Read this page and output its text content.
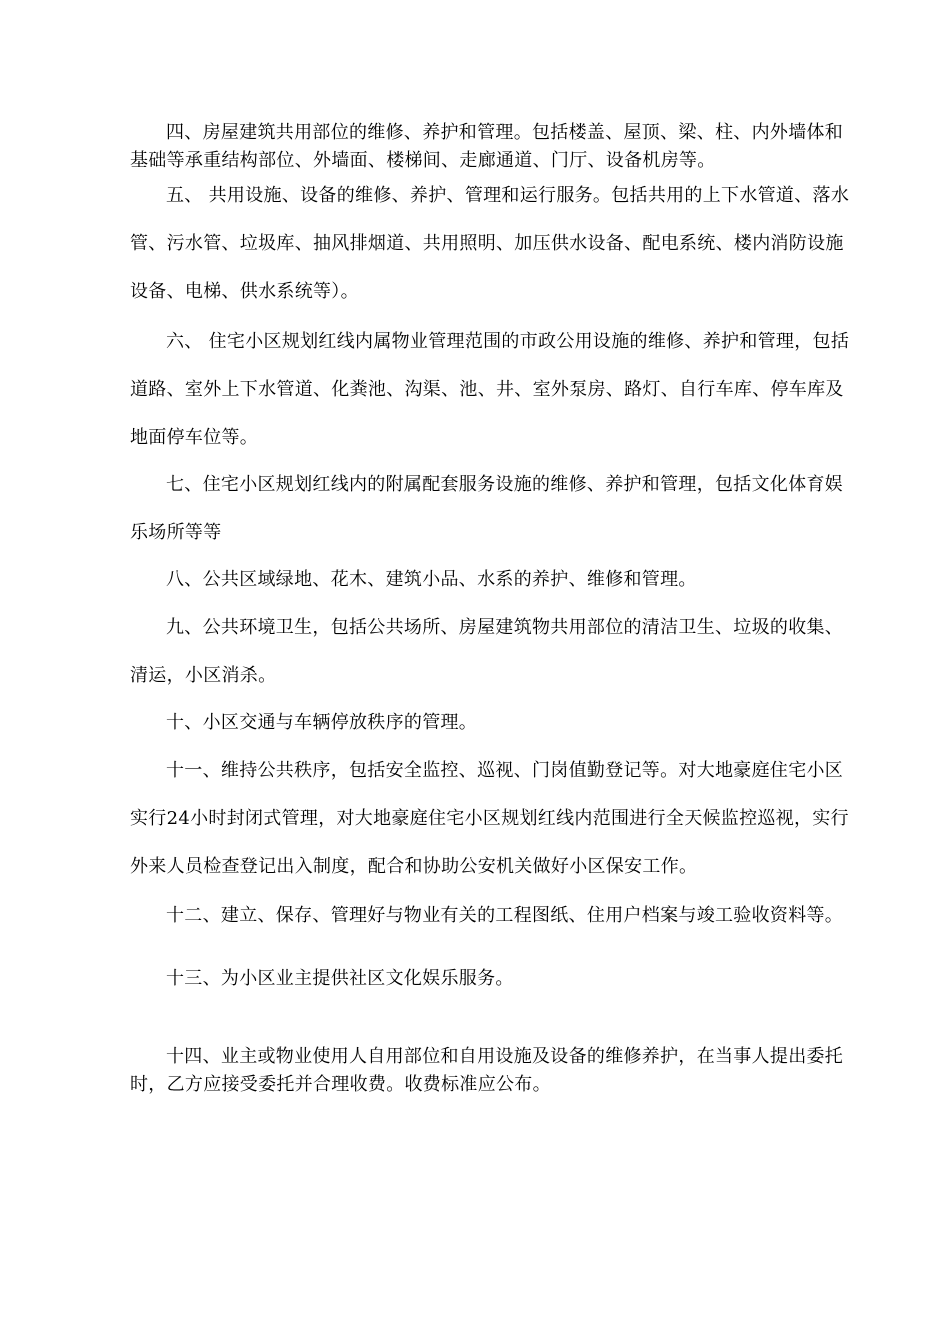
四、房屋建筑共用部位的维修、养护和管理。包括楼盖、屋顶、梁、柱、内外墙体和基础等承重结构部位、外墙面、楼梯间、走廊通道、门厅、设备机房等。

五、 共用设施、设备的维修、养护、管理和运行服务。包括共用的上下水管道、落水管、污水管、垃圾库、抽风排烟道、共用照明、加压供水设备、配电系统、楼内消防设施设备、电梯、供水系统等）。

六、 住宅小区规划红线内属物业管理范围的市政公用设施的维修、养护和管理，包括道路、室外上下水管道、化粪池、沟渠、池、井、室外泵房、路灯、自行车库、停车库及地面停车位等。

七、住宅小区规划红线内的附属配套服务设施的维修、养护和管理，包括文化体育娱乐场所等等

八、公共区域绿地、花木、建筑小品、水系的养护、维修和管理。

九、公共环境卫生，包括公共场所、房屋建筑物共用部位的清洁卫生、垃圾的收集、清运，小区消杀。

十、小区交通与车辆停放秩序的管理。

十一、维持公共秩序，包括安全监控、巡视、门岗值勤登记等。对大地豪庭住宅小区实行24小时封闭式管理，对大地豪庭住宅小区规划红线内范围进行全天候监控巡视，实行外来人员检查登记出入制度，配合和协助公安机关做好小区保安工作。

十二、建立、保存、管理好与物业有关的工程图纸、住用户档案与竣工验收资料等。

十三、为小区业主提供社区文化娱乐服务。

十四、业主或物业使用人自用部位和自用设施及设备的维修养护，在当事人提出委托时，乙方应接受委托并合理收费。收费标准应公布。
